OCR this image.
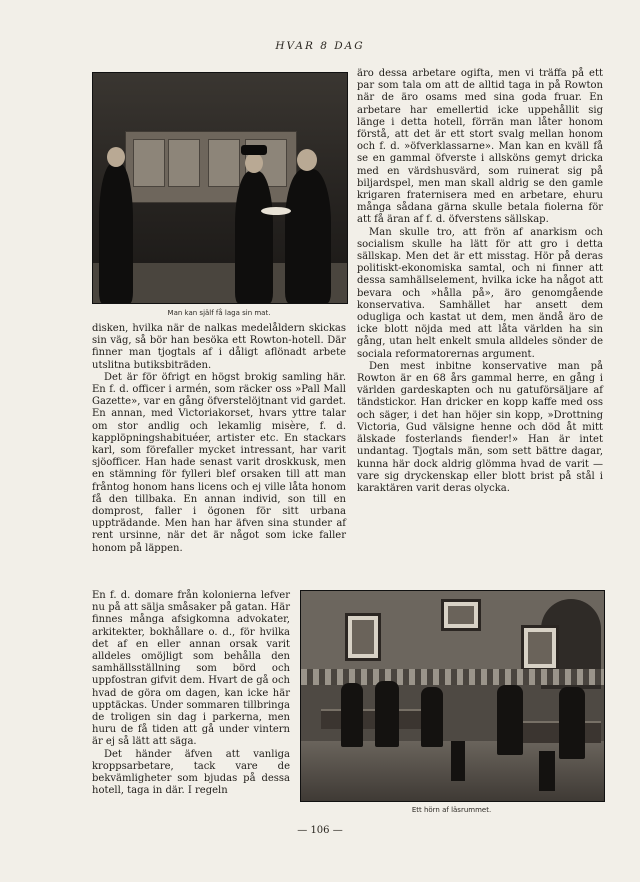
HVAR 8 DAG
Man kan själf få laga sin mat.

äro dessa arbetare ogifta, men vi träffa på ett par som tala om att de alltid taga in på Rowton när de äro osams med sina goda fruar. En arbetare har emellertid icke uppehållit sig länge i detta hotell, förrän man låter honom förstå, att det är ett stort svalg mellan honom och f. d. »öfverklassarne». Man kan en kväll få se en gammal öfverste i allsköns gemyt dricka med en värdshusvärd, som ruinerat sig på biljardspel, men man skall aldrig se den gamle krigaren fraternisera med en arbetare, ehuru många sådana gärna skulle betala fiolerna för att få äran af f. d. öfverstens sällskap.

Man skulle tro, att frön af anarkism och socialism skulle ha lätt för att gro i detta sällskap. Men det är ett misstag. Hör på deras politiskt-ekonomiska samtal, och ni finner att dessa samhällselement, hvilka icke ha något att bevara och »hålla på», äro genomgående konservativa. Samhället har ansett dem odugliga och kastat ut dem, men ändå äro de icke blott nöjda med att låta världen ha sin gång, utan helt enkelt smula alldeles sönder de sociala reformatorernas argument.

Den mest inbitne konservative man på Rowton är en 68 års gammal herre, en gång i världen gardeskapten och nu gatuförsäljare af tändstickor. Han dricker en kopp kaffe med oss och säger, i det han höjer sin kopp, »Drottning Victoria, Gud välsigne henne och död åt mitt älskade fosterlands fiender!» Han är intet undantag. Tjogtals män, som sett bättre dagar, kunna här dock aldrig glömma hvad de varit — vare sig dryckenskap eller blott brist på stål i karaktären varit deras olycka.

disken, hvilka när de nalkas medelåldern skickas sin väg, så bör han besöka ett Rowton-hotell. Där finner man tjogtals af i dåligt aflönadt arbete utslitna butiksbiträden.

Det är för öfrigt en högst brokig samling här. En f. d. officer i armén, som räcker oss »Pall Mall Gazette», var en gång öfverstelöjtnant vid gardet. En annan, med Victoriakorset, hvars yttre talar om stor andlig och lekamlig misère, f. d. kapplöpningshabituéer, artister etc. En stackars karl, som förefaller mycket intressant, har varit sjöofficer. Han hade senast varit droskkusk, men en stämning för fylleri blef orsaken till att man fråntog honom hans licens och ej ville låta honom få den tillbaka. En annan individ, son till en domprost, faller i ögonen för sitt urbana uppträdande. Men han har äfven sina stunder af rent ursinne, när det är något som icke faller honom på läppen.

En f. d. domare från kolonierna lefver nu på att sälja småsaker på gatan. Här finnes många afsigkomna advokater, arkitekter, bokhållare o. d., för hvilka det af en eller annan orsak varit alldeles omöjligt som behålla den samhällsställning som börd och uppfostran gifvit dem. Hvart de gå och hvad de göra om dagen, kan icke här upptäckas. Under sommaren tillbringa de troligen sin dag i parkerna, men huru de få tiden att gå under vintern är ej så lätt att säga.

Det händer äfven att vanliga kroppsarbetare, tack vare de bekvämligheter som bjudas på dessa hotell, taga in där. I regeln

Ett hörn af läsrummet.
— 106 —
